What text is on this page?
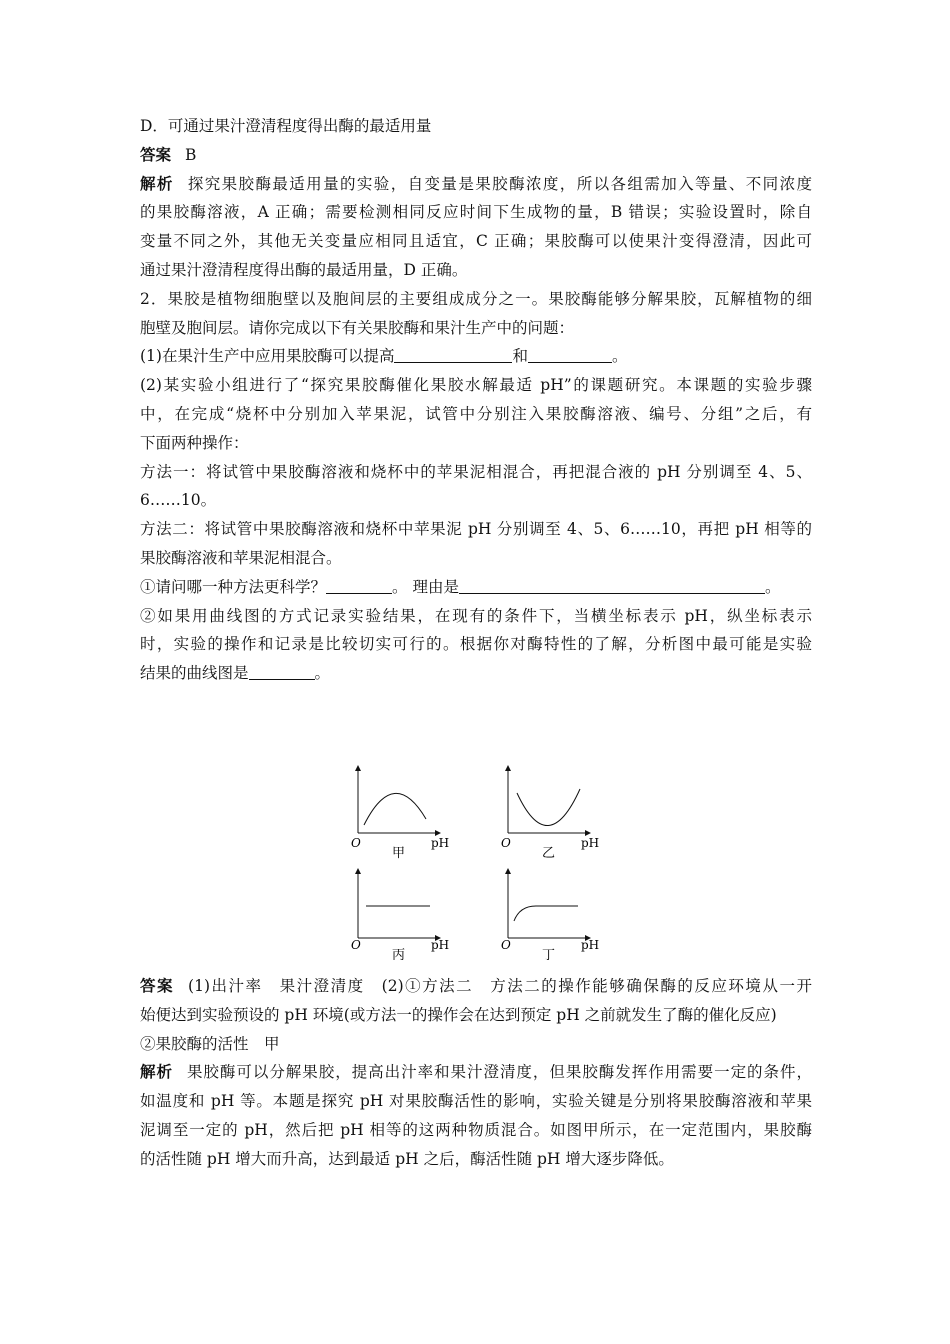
D．可通过果汁澄清程度得出酶的最适用量
答案 B
解析 探究果胶酶最适用量的实验，自变量是果胶酶浓度，所以各组需加入等量、不同浓度
的果胶酶溶液，A 正确；需要检测相同反应时间下生成物的量，B 错误；实验设置时，除自
变量不同之外，其他无关变量应相同且适宜，C 正确；果胶酶可以使果汁变得澄清，因此可
通过果汁澄清程度得出酶的最适用量，D 正确。
2．果胶是植物细胞壁以及胞间层的主要组成成分之一。果胶酶能够分解果胶，瓦解植物的细
胞壁及胞间层。请你完成以下有关果胶酶和果汁生产中的问题：
(1)在果汁生产中应用果胶酶可以提高	和	。
(2)某实验小组进行了“探究果胶酶催化果胶水解最适 pH”的课题研究。本课题的实验步骤
中，在完成“烧杯中分别加入苹果泥，试管中分别注入果胶酶溶液、编号、分组”之后，有
下面两种操作：
方法一：将试管中果胶酶溶液和烧杯中的苹果泥相混合，再把混合液的 pH 分别调至 4、5、
6……10。
方法二：将试管中果胶酶溶液和烧杯中苹果泥 pH 分别调至 4、5、6……10，再把 pH 相等的
果胶酶溶液和苹果泥相混合。
①请问哪一种方法更科学？	。 理由是	。
②如果用曲线图的方式记录实验结果，在现有的条件下，当横坐标表示 pH，纵坐标表示
时，实验的操作和记录是比较切实可行的。根据你对酶特性的了解，分析图中最可能是实验
结果的曲线图是	。
O	pH
甲
O	pH
乙
O	pH
丙
O	pH
丁
答案 (1)出汁率　果汁澄清度　(2)①方法二　方法二的操作能够确保酶的反应环境从一开
始便达到实验预设的 pH 环境(或方法一的操作会在达到预定 pH 之前就发生了酶的催化反应)
②果胶酶的活性　甲
解析 果胶酶可以分解果胶，提高出汁率和果汁澄清度，但果胶酶发挥作用需要一定的条件，
如温度和 pH 等。本题是探究 pH 对果胶酶活性的影响，实验关键是分别将果胶酶溶液和苹果
泥调至一定的 pH，然后把 pH 相等的这两种物质混合。如图甲所示，在一定范围内，果胶酶
的活性随 pH 增大而升高，达到最适 pH 之后，酶活性随 pH 增大逐步降低。
